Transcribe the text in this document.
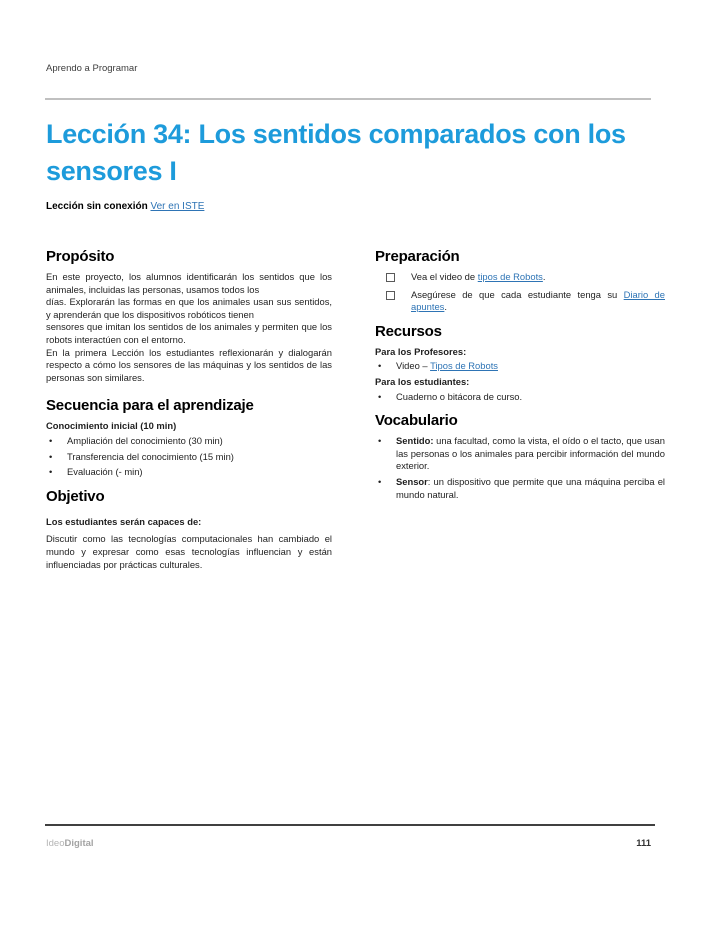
Aprendo a Programar
Lección 34: Los sentidos comparados con los
sensores I
Lección sin conexión Ver en ISTE
Propósito

En este proyecto, los alumnos identificarán los sentidos que los animales, incluidas las personas, usamos todos los

días. Explorarán las formas en que los animales usan sus sentidos, y aprenderán que los dispositivos robóticos tienen

sensores que imitan los sentidos de los animales y permiten que los robots interactúen con el entorno.

En la primera Lección los estudiantes reflexionarán y dialogarán respecto a cómo los sensores de las máquinas y los sentidos de las personas son similares.

Secuencia para el aprendizaje
Conocimiento inicial (10 min)
•	Ampliación del conocimiento (30 min)
•	Transferencia del conocimiento (15 min)
•	Evaluación (- min)
Objetivo
Los estudiantes serán capaces de:

Discutir como las tecnologías computacionales han cambiado el mundo y expresar como esas tecnologías influencian y están influenciadas por prácticas culturales.

Preparación
Vea el video de tipos de Robots.
Asegúrese de que cada estudiante tenga su Diario de apuntes.
Recursos
Para los Profesores:
•	Video – Tipos de Robots
Para los estudiantes:
•	Cuaderno o bitácora de curso.
Vocabulario
•	Sentido: una facultad, como la vista, el oído o el tacto, que usan las personas o los animales para percibir información del mundo exterior.
•	Sensor: un dispositivo que permite que una máquina perciba el mundo natural.
IdeoDigital	111
